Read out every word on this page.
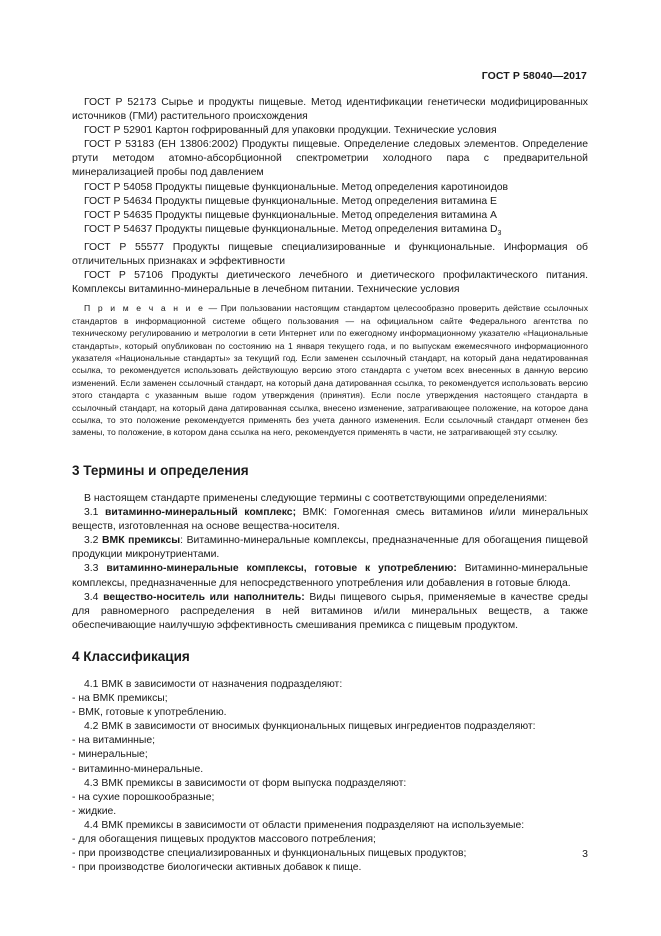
ГОСТ Р 58040—2017

ГОСТ Р 52173 Сырье и продукты пищевые. Метод идентификации генетически модифицированных источников (ГМИ) растительного происхождения

ГОСТ Р 52901 Картон гофрированный для упаковки продукции. Технические условия

ГОСТ Р 53183 (ЕН 13806:2002) Продукты пищевые. Определение следовых элементов. Определение ртути методом атомно-абсорбционной спектрометрии холодного пара с предварительной минерализацией пробы под давлением

ГОСТ Р 54058 Продукты пищевые функциональные. Метод определения каротиноидов

ГОСТ Р 54634 Продукты пищевые функциональные. Метод определения витамина Е

ГОСТ Р 54635 Продукты пищевые функциональные. Метод определения витамина А

ГОСТ Р 54637 Продукты пищевые функциональные. Метод определения витамина $D_3$

ГОСТ Р 55577 Продукты пищевые специализированные и функциональные. Информация об отличительных признаках и эффективности

ГОСТ Р 57106 Продукты диетического лечебного и диетического профилактического питания. Комплексы витаминно-минеральные в лечебном питании. Технические условия

П р и м е ч а н и е — При пользовании настоящим стандартом целесообразно проверить действие ссылочных стандартов в информационной системе общего пользования — на официальном сайте Федерального агентства по техническому регулированию и метрологии в сети Интернет или по ежегодному информационному указателю «Национальные стандарты», который опубликован по состоянию на 1 января текущего года, и по выпускам ежемесячного информационного указателя «Национальные стандарты» за текущий год. Если заменен ссылочный стандарт, на который дана недатированная ссылка, то рекомендуется использовать действующую версию этого стандарта с учетом всех внесенных в данную версию изменений. Если заменен ссылочный стандарт, на который дана датированная ссылка, то рекомендуется использовать версию этого стандарта с указанным выше годом утверждения (принятия). Если после утверждения настоящего стандарта в ссылочный стандарт, на который дана датированная ссылка, внесено изменение, затрагивающее положение, на которое дана ссылка, то это положение рекомендуется применять без учета данного изменения. Если ссылочный стандарт отменен без замены, то положение, в котором дана ссылка на него, рекомендуется применять в части, не затрагивающей эту ссылку.

3 Термины и определения

В настоящем стандарте применены следующие термины с соответствующими определениями:

3.1 витаминно-минеральный комплекс; ВМК: Гомогенная смесь витаминов и/или минеральных веществ, изготовленная на основе вещества-носителя.

3.2 ВМК премиксы: Витаминно-минеральные комплексы, предназначенные для обогащения пищевой продукции микронутриентами.

3.3 витаминно-минеральные комплексы, готовые к употреблению: Витаминно-минеральные комплексы, предназначенные для непосредственного употребления или добавления в готовые блюда.

3.4 вещество-носитель или наполнитель: Виды пищевого сырья, применяемые в качестве среды для равномерного распределения в ней витаминов и/или минеральных веществ, а также обеспечивающие наилучшую эффективность смешивания премикса с пищевым продуктом.

4 Классификация

4.1 ВМК в зависимости от назначения подразделяют:

- на ВМК премиксы;

- ВМК, готовые к употреблению.

4.2 ВМК в зависимости от вносимых функциональных пищевых ингредиентов подразделяют:

- на витаминные;

- минеральные;

- витаминно-минеральные.

4.3 ВМК премиксы в зависимости от форм выпуска подразделяют:

- на сухие порошкообразные;

- жидкие.

4.4 ВМК премиксы в зависимости от области применения подразделяют на используемые:

- для обогащения пищевых продуктов массового потребления;

- при производстве специализированных и функциональных пищевых продуктов;

- при производстве биологически активных добавок к пище.

3
